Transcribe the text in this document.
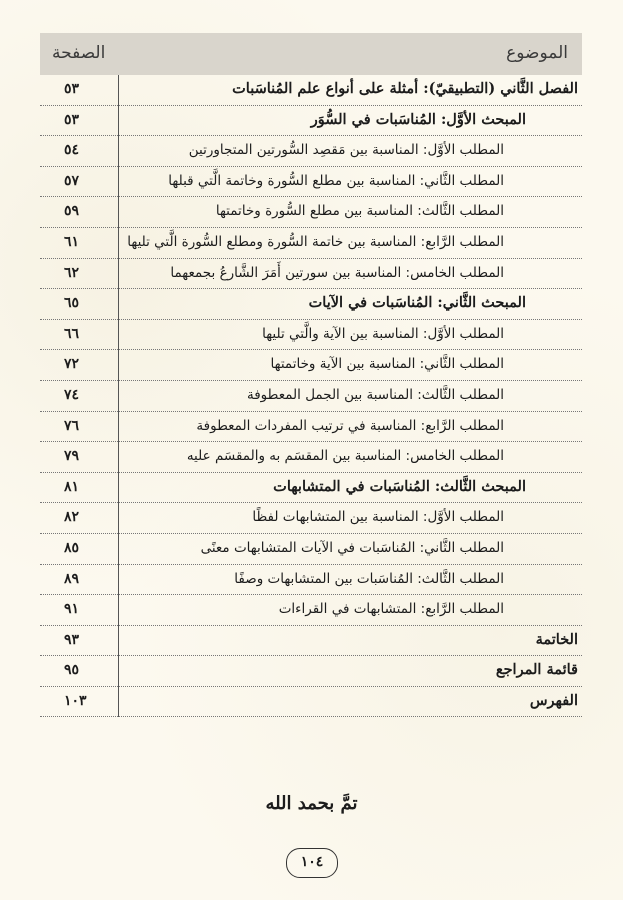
الموضوع
الصفحة
الفصل الثَّاني (التطبيقيّ): أمثلة على أنواع علم المُناسَبات
٥٣
المبحث الأوَّل: المُناسَبات في السُّوَر
٥٣
المطلب الأوَّل: المناسبة بين مَقصِد السُّورتين المتجاورتين
٥٤
المطلب الثَّاني: المناسبة بين مطلع السُّورة وخاتمة الَّتي قبلها
٥٧
المطلب الثَّالث: المناسبة بين مطلع السُّورة وخاتمتها
٥٩
المطلب الرَّابع: المناسبة بين خاتمة السُّورة ومطلع السُّورة الَّتي تليها
٦١
المطلب الخامس: المناسبة بين سورتين أَمَرَ الشَّارعُ بجمعهما
٦٢
المبحث الثَّاني: المُناسَبات في الآيات
٦٥
المطلب الأوَّل: المناسبة بين الآية والَّتي تليها
٦٦
المطلب الثَّاني: المناسبة بين الآية وخاتمتها
٧٢
المطلب الثَّالث: المناسبة بين الجمل المعطوفة
٧٤
المطلب الرَّابع: المناسبة في ترتيب المفردات المعطوفة
٧٦
المطلب الخامس: المناسبة بين المقسَم به والمقسَم عليه
٧٩
المبحث الثَّالث: المُناسَبات في المتشابهات
٨١
المطلب الأوَّل: المناسبة بين المتشابهات لفظًا
٨٢
المطلب الثَّاني: المُناسَبات في الآيات المتشابهات معنًى
٨٥
المطلب الثَّالث: المُناسَبات بين المتشابهات وصفًا
٨٩
المطلب الرَّابع: المتشابهات في القراءات
٩١
الخاتمة
٩٣
قائمة المراجع
٩٥
الفهرس
١٠٣
تمَّ بحمد الله
١٠٤
